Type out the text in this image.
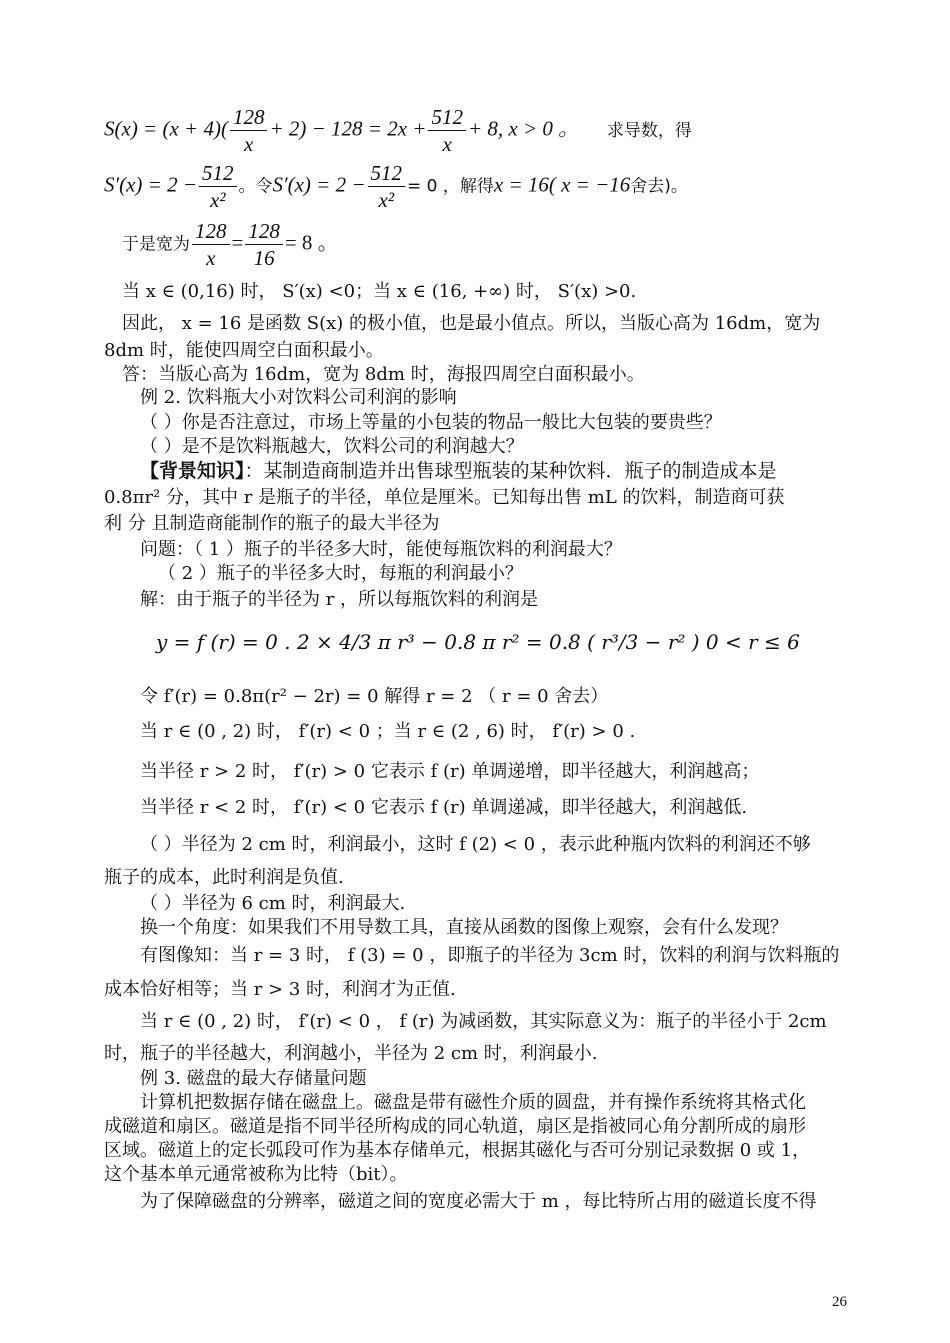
$S(x) = (x + 4)( \frac{128}{x} + 2) - 128 = 2x + \frac{512}{x} + 8$, x > 0 。 求导数，得
$S'(x) = 2 - \frac{512}{\text{x²}}$ 。令$S'(x) = 2 - \frac{512}{\text{x²}} = 0$ ，解得x = 16( x = −16舍去)。
于是宽为 $\frac{128}{x} = \frac{128}{16} = 8$ 。
当 x ∈ (0,16) 时， S′(x) <0；当 x ∈ (16, +∞) 时， S′(x) >0.
因此， x = 16 是函数 S(x) 的极小值，也是最小值点。所以，当版心高为 16dm，宽为
8dm 时，能使四周空白面积最小。
答：当版心高为 16dm，宽为 8dm 时，海报四周空白面积最小。
例 2. 饮料瓶大小对饮料公司利润的影响
（ ）你是否注意过，市场上等量的小包装的物品一般比大包装的要贵些？
（ ）是不是饮料瓶越大，饮料公司的利润越大？
【背景知识】：某制造商制造并出售球型瓶装的某种饮料．瓶子的制造成本是
0.8πr² 分，其中 r 是瓶子的半径，单位是厘米。已知每出售 mL 的饮料，制造商可获
利 分 且制造商能制作的瓶子的最大半径为
问题：（ 1 ）瓶子的半径多大时，能使每瓶饮料的利润最大？
（ 2 ）瓶子的半径多大时，每瓶的利润最小？
解：由于瓶子的半径为 r ，所以每瓶饮料的利润是
y = f (r) = 0 . 2 × 4/3 π r³ − 0.8 π r² = 0.8 ( r³/3 − r² ) 0 < r ≤ 6
令 f′(r) = 0.8π(r² − 2r) = 0 解得 r = 2 （ r = 0 舍去）
当 r ∈ (0 , 2) 时， f′(r) < 0 ；当 r ∈ (2 , 6) 时， f′(r) > 0 .
当半径 r > 2 时， f′(r) > 0 它表示 f (r) 单调递增，即半径越大，利润越高；
当半径 r < 2 时， f′(r) < 0 它表示 f (r) 单调递减，即半径越大，利润越低.
（ ）半径为 2 cm 时，利润最小，这时 f (2) < 0 ，表示此种瓶内饮料的利润还不够
瓶子的成本，此时利润是负值.
（ ）半径为 6 cm 时，利润最大.
换一个角度：如果我们不用导数工具，直接从函数的图像上观察，会有什么发现？
有图像知：当 r = 3 时， f (3) = 0 ，即瓶子的半径为 3cm 时，饮料的利润与饮料瓶的
成本恰好相等；当 r > 3 时，利润才为正值.
当 r ∈ (0 , 2) 时， f′(r) < 0 ， f (r) 为减函数，其实际意义为：瓶子的半径小于 2cm
时，瓶子的半径越大，利润越小，半径为 2 cm 时，利润最小.
例 3. 磁盘的最大存储量问题
计算机把数据存储在磁盘上。磁盘是带有磁性介质的圆盘，并有操作系统将其格式化
成磁道和扇区。磁道是指不同半径所构成的同心轨道，扇区是指被同心角分割所成的扇形
区域。磁道上的定长弧段可作为基本存储单元，根据其磁化与否可分别记录数据 0 或 1，
这个基本单元通常被称为比特（bit）。
为了保障磁盘的分辨率，磁道之间的宽度必需大于 m ，每比特所占用的磁道长度不得
26
